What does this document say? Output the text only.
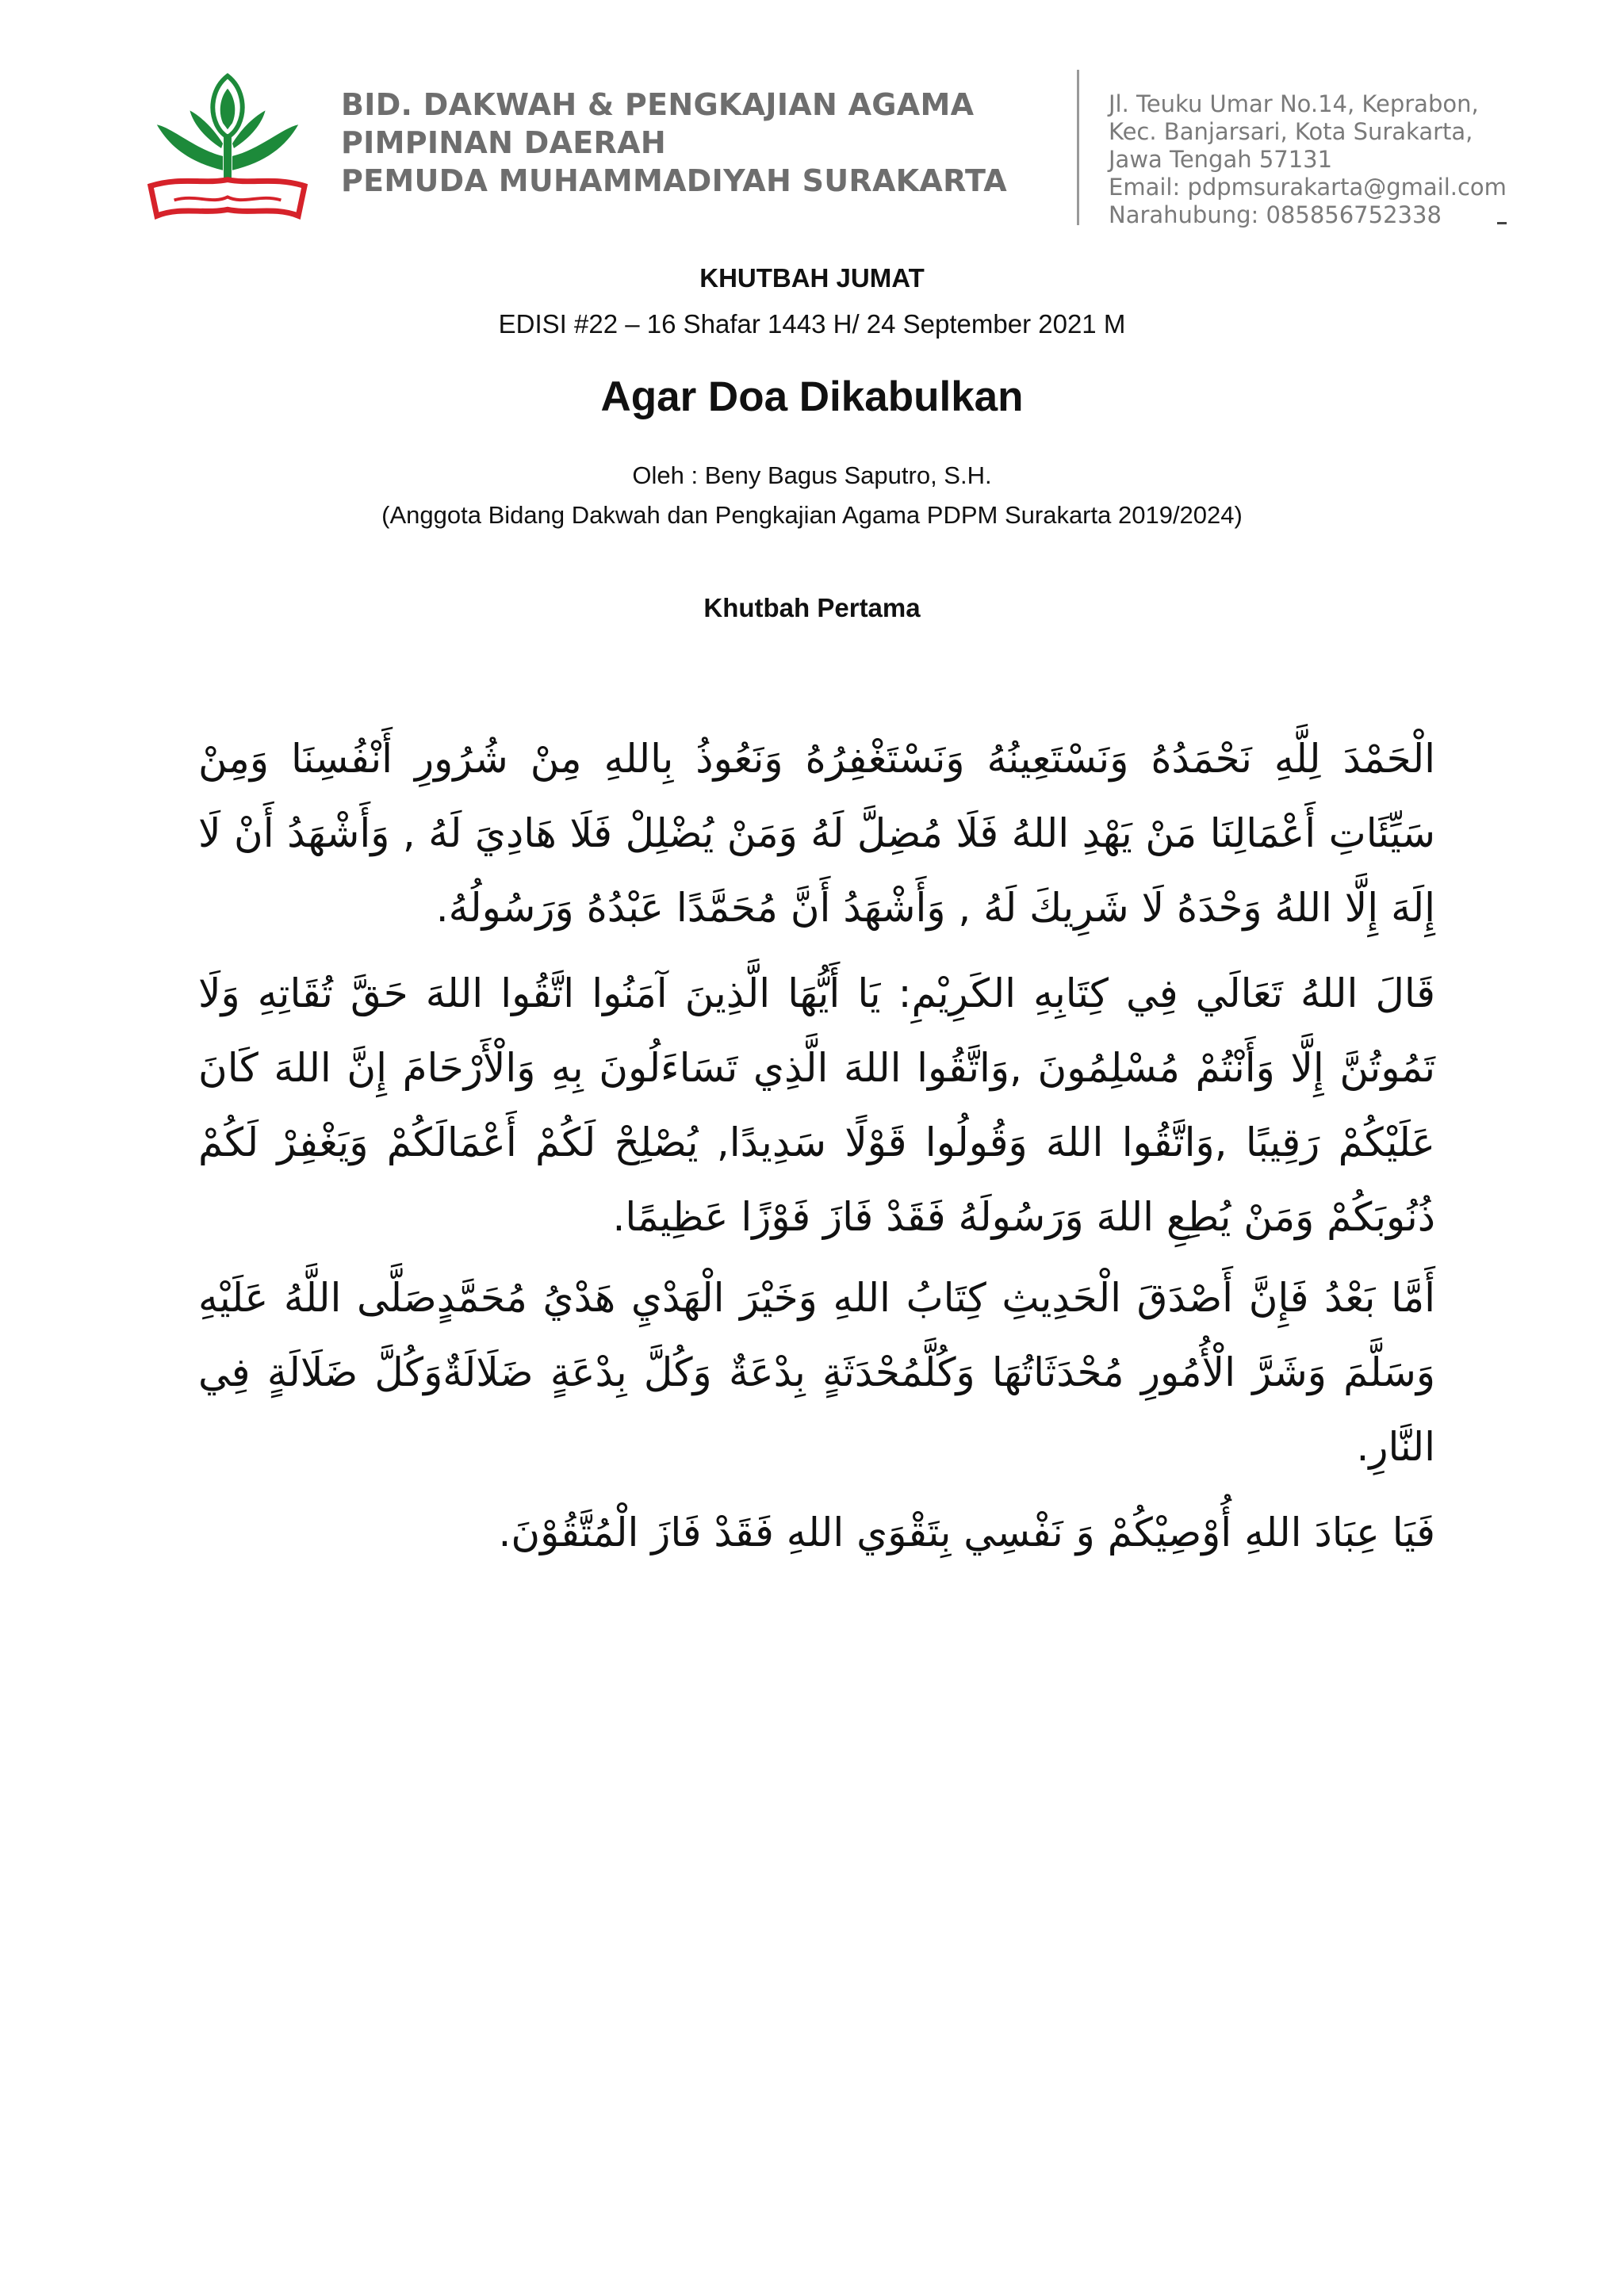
BID. DAKWAH & PENGKAJIAN AGAMA
PIMPINAN DAERAH
PEMUDA MUHAMMADIYAH SURAKARTA
Jl. Teuku Umar No.14, Keprabon,
Kec. Banjarsari, Kota Surakarta,
Jawa Tengah 57131
Email: pdpmsurakarta@gmail.com
Narahubung: 085856752338
KHUTBAH JUMAT
EDISI #22 – 16 Shafar 1443 H/ 24 September 2021 M
Agar Doa Dikabulkan
Oleh : Beny Bagus Saputro, S.H.
(Anggota Bidang Dakwah dan Pengkajian Agama PDPM Surakarta 2019/2024)
Khutbah Pertama

الْحَمْدَ لِلَّهِ نَحْمَدُهُ وَنَسْتَعِينُهُ وَنَسْتَغْفِرُهُ وَنَعُوذُ بِاللهِ مِنْ شُرُورِ أَنْفُسِنَا وَمِنْ سَيِّئَاتِ أَعْمَالِنَا مَنْ يَهْدِ اللهُ فَلَا مُضِلَّ لَهُ وَمَنْ يُضْلِلْ فَلَا هَادِيَ لَهُ , وَأَشْهَدُ أَنْ لَا إِلَهَ إِلَّا اللهُ وَحْدَهُ لَا شَرِيكَ لَهُ , وَأَشْهَدُ أَنَّ مُحَمَّدًا عَبْدُهُ وَرَسُولُهُ.

قَالَ اللهُ تَعَالَي فِي كِتَابِهِ الكَرِيْمِ: يَا أَيُّهَا الَّذِينَ آمَنُوا اتَّقُوا اللهَ حَقَّ تُقَاتِهِ وَلَا تَمُوتُنَّ إِلَّا وَأَنْتُمْ مُسْلِمُونَ ,وَاتَّقُوا اللهَ الَّذِي تَسَاءَلُونَ بِهِ وَالْأَرْحَامَ إِنَّ اللهَ كَانَ عَلَيْكُمْ رَقِيبًا ,وَاتَّقُوا اللهَ وَقُولُوا قَوْلًا سَدِيدًا, يُصْلِحْ لَكُمْ أَعْمَالَكُمْ وَيَغْفِرْ لَكُمْ ذُنُوبَكُمْ وَمَنْ يُطِعِ اللهَ وَرَسُولَهُ فَقَدْ فَازَ فَوْزًا عَظِيمًا.

أَمَّا بَعْدُ فَإِنَّ أَصْدَقَ الْحَدِيثِ كِتَابُ اللهِ وَخَيْرَ الْهَدْيِ هَدْيُ مُحَمَّدٍصَلَّى اللَّهُ عَلَيْهِ وَسَلَّمَ وَشَرَّ الْأُمُورِ مُحْدَثَاتُهَا وَكُلَّمُحْدَثَةٍ بِدْعَةٌ وَكُلَّ بِدْعَةٍ ضَلَالَةٌوَكُلَّ ضَلَالَةٍ فِي النَّارِ.

فَيَا عِبَادَ اللهِ أُوْصِيْكُمْ وَ نَفْسِي بِتَقْوَي اللهِ فَقَدْ فَازَ الْمُتَّقُوْنَ.
